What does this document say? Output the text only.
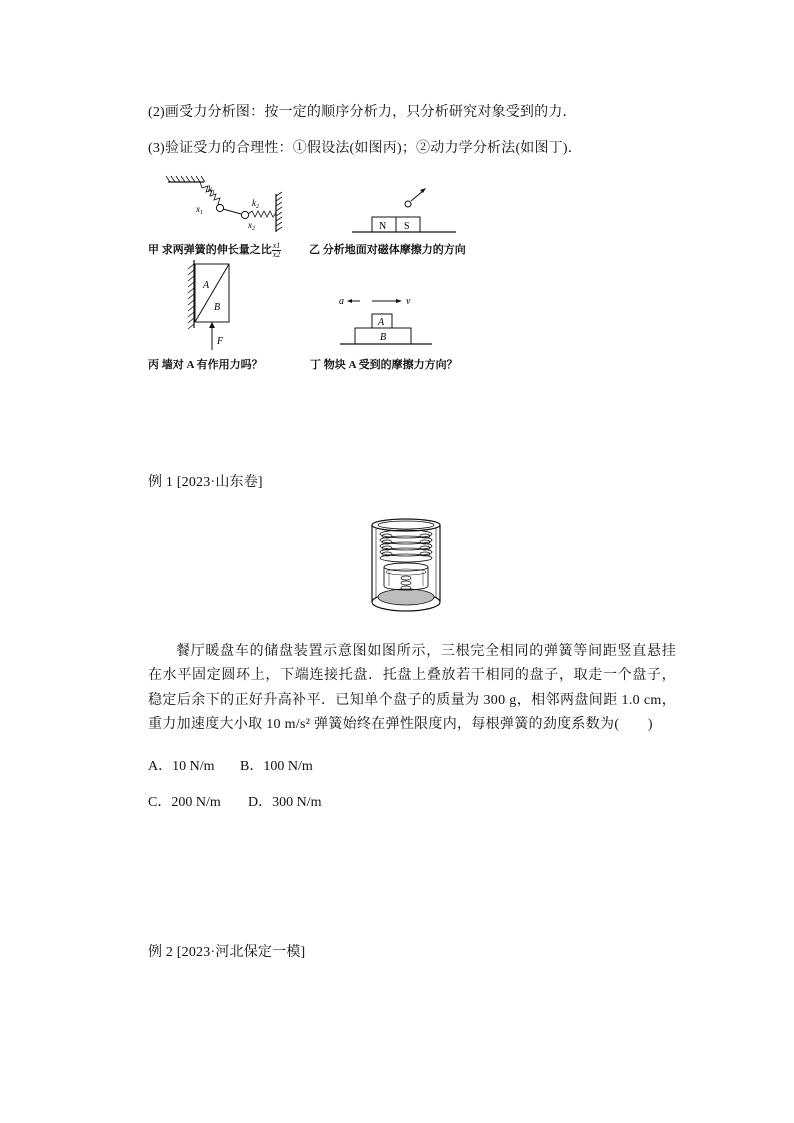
(2)画受力分析图：按一定的顺序分析力，只分析研究对象受到的力．
(3)验证受力的合理性：①假设法(如图丙)；②动力学分析法(如图丁)．
$k_1$
$x_1$
$k_2$
$x_2$
甲 求两弹簧的伸长量之比 $\frac{x1}{x2}$
N S
乙 分析地面对磁体摩擦力的方向
A
B
F
丙 墙对 A 有作用力吗？
a	v
A
B
丁 物块 A 受到的摩擦力方向？
例 1 [2023·山东卷]
餐厅暖盘车的储盘装置示意图如图所示，三根完全相同的弹簧等间距竖直悬挂在水平固定圆环上，下端连接托盘．托盘上叠放若干相同的盘子，取走一个盘子，稳定后余下的正好升高补平．已知单个盘子的质量为 300 g，相邻两盘间距 1.0 cm，重力加速度大小取 10 m/s² 弹簧始终在弹性限度内，每根弹簧的劲度系数为(　　)
A．10 N/m B．100 N/m
C．200 N/m D．300 N/m
例 2 [2023·河北保定一模]
